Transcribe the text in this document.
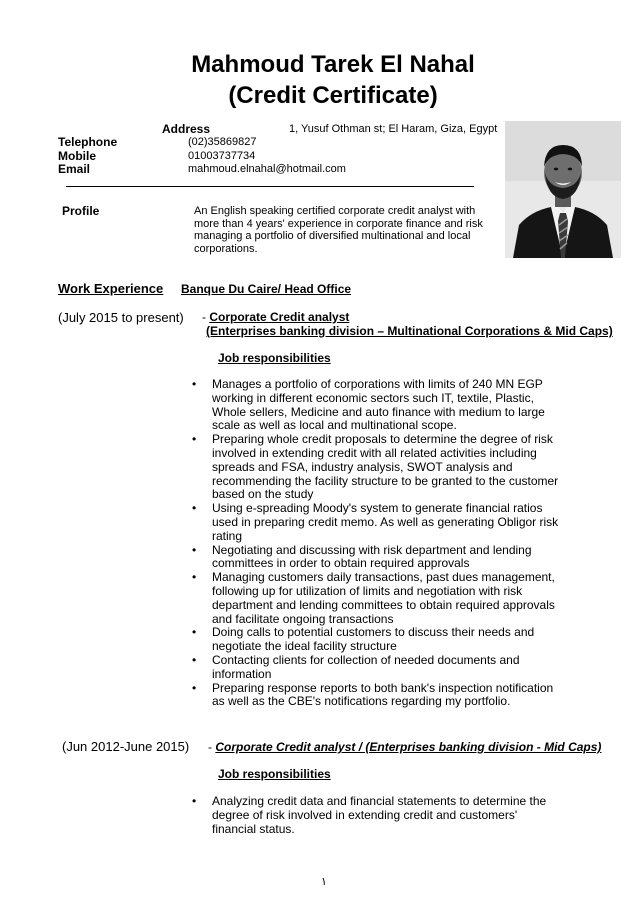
Mahmoud Tarek El Nahal
(Credit Certificate)
Address	1, Yusuf Othman st; El Haram, Giza, Egypt
Telephone	(02)35869827
Mobile	01003737734
Email	mahmoud.elnahal@hotmail.com
Profile	An English speaking certified corporate credit analyst with
more than 4 years' experience in corporate finance and risk
managing a portfolio of diversified multinational and local
corporations.
Work Experience Banque Du Caire/ Head Office
(July 2015 to present) - Corporate Credit analyst
(Enterprises banking division – Multinational Corporations & Mid Caps)
Job responsibilities
• Manages a portfolio of corporations with limits of 240 MN EGP
working in different economic sectors such IT, textile, Plastic,
Whole sellers, Medicine and auto finance with medium to large
scale as well as local and multinational scope.
• Preparing whole credit proposals to determine the degree of risk
involved in extending credit with all related activities including
spreads and FSA, industry analysis, SWOT analysis and
recommending the facility structure to be granted to the customer
based on the study
• Using e-spreading Moody's system to generate financial ratios
used in preparing credit memo. As well as generating Obligor risk
rating
• Negotiating and discussing with risk department and lending
committees in order to obtain required approvals
• Managing customers daily transactions, past dues management,
following up for utilization of limits and negotiation with risk
department and lending committees to obtain required approvals
and facilitate ongoing transactions
• Doing calls to potential customers to discuss their needs and
negotiate the ideal facility structure
• Contacting clients for collection of needed documents and
information
• Preparing response reports to both bank's inspection notification
as well as the CBE's notifications regarding my portfolio.
(Jun 2012-June 2015) - Corporate Credit analyst / (Enterprises banking division - Mid Caps)
Job responsibilities
• Analyzing credit data and financial statements to determine the
degree of risk involved in extending credit and customers'
financial status.
١
